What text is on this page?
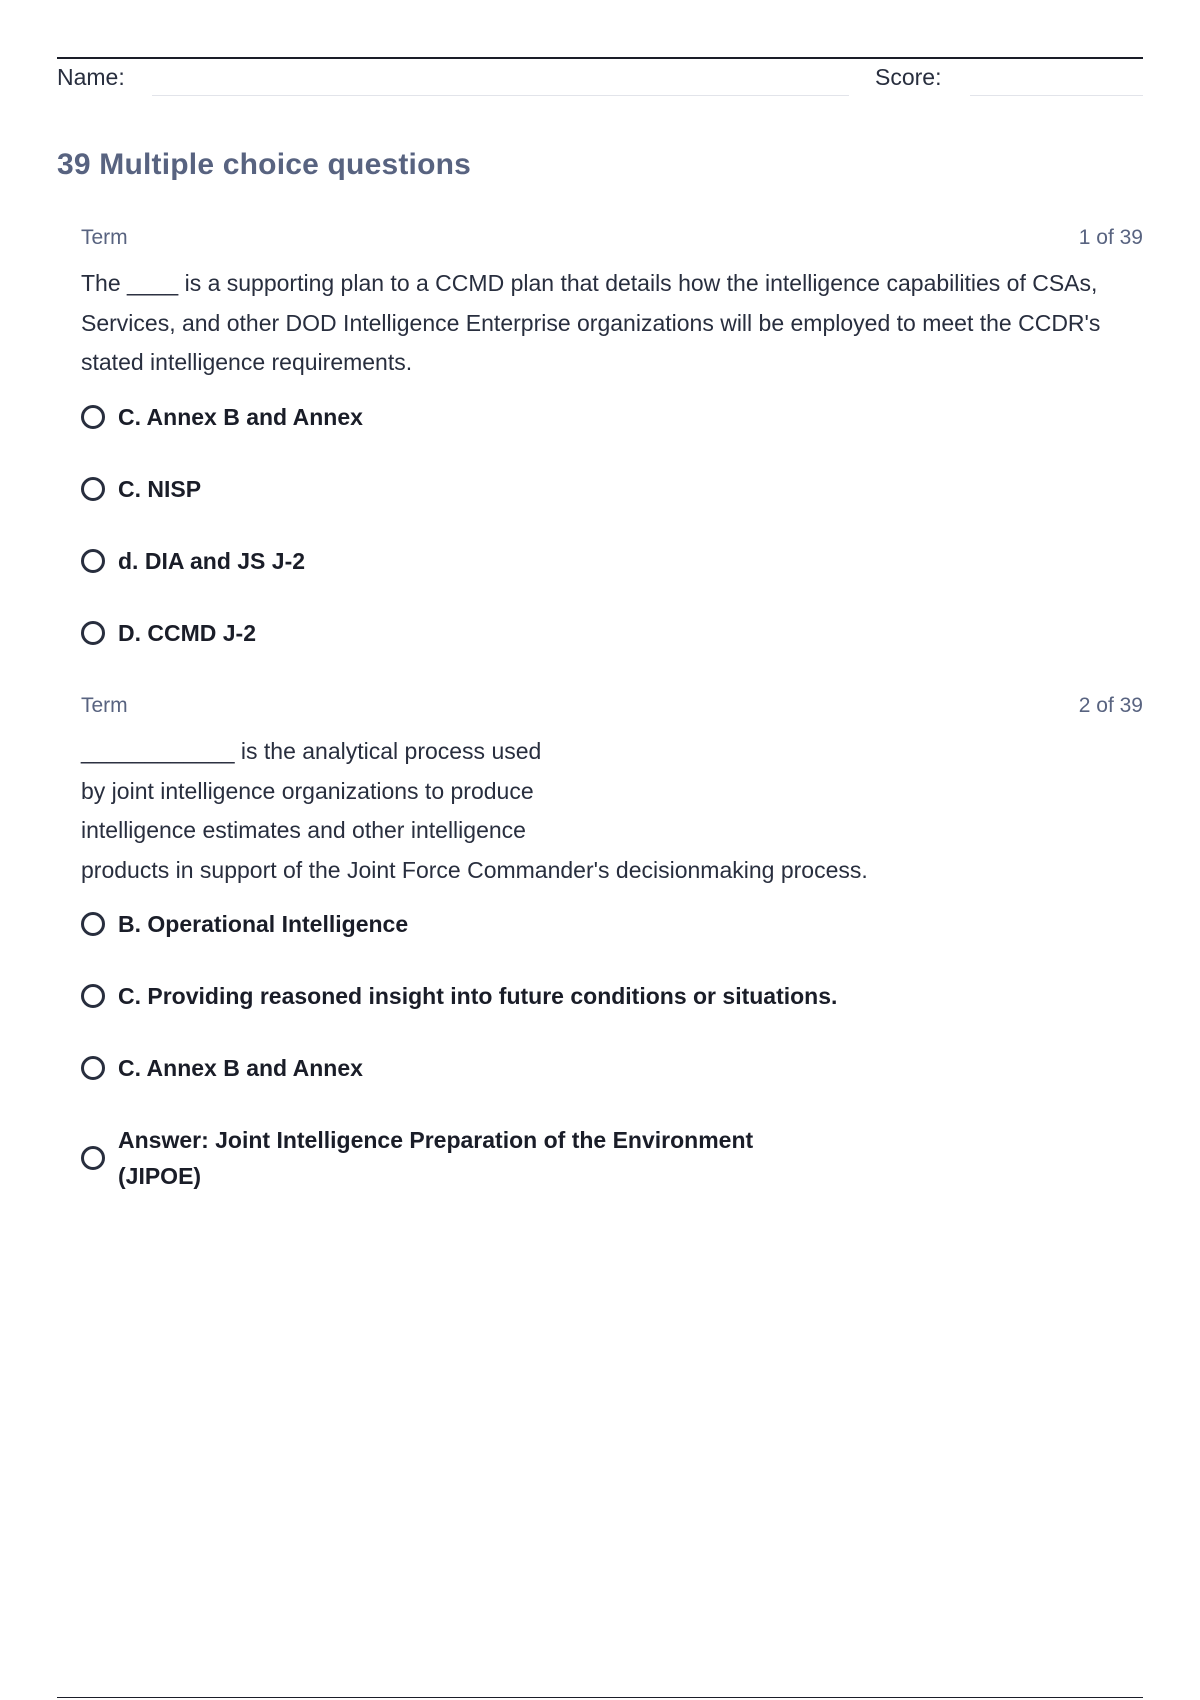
Name:	Score:
39 Multiple choice questions
Term	1 of 39
The ____ is a supporting plan to a CCMD plan that details how the intelligence capabilities of CSAs, Services, and other DOD Intelligence Enterprise organizations will be employed to meet the CCDR's stated intelligence requirements.
C. Annex B and Annex
C. NISP
d. DIA and JS J-2
D. CCMD J-2
Term	2 of 39
____________ is the analytical process used
by joint intelligence organizations to produce
intelligence estimates and other intelligence
products in support of the Joint Force Commander's decisionmaking process.
B. Operational Intelligence
C. Providing reasoned insight into future conditions or situations.
C. Annex B and Annex
Answer: Joint Intelligence Preparation of the Environment (JIPOE)
